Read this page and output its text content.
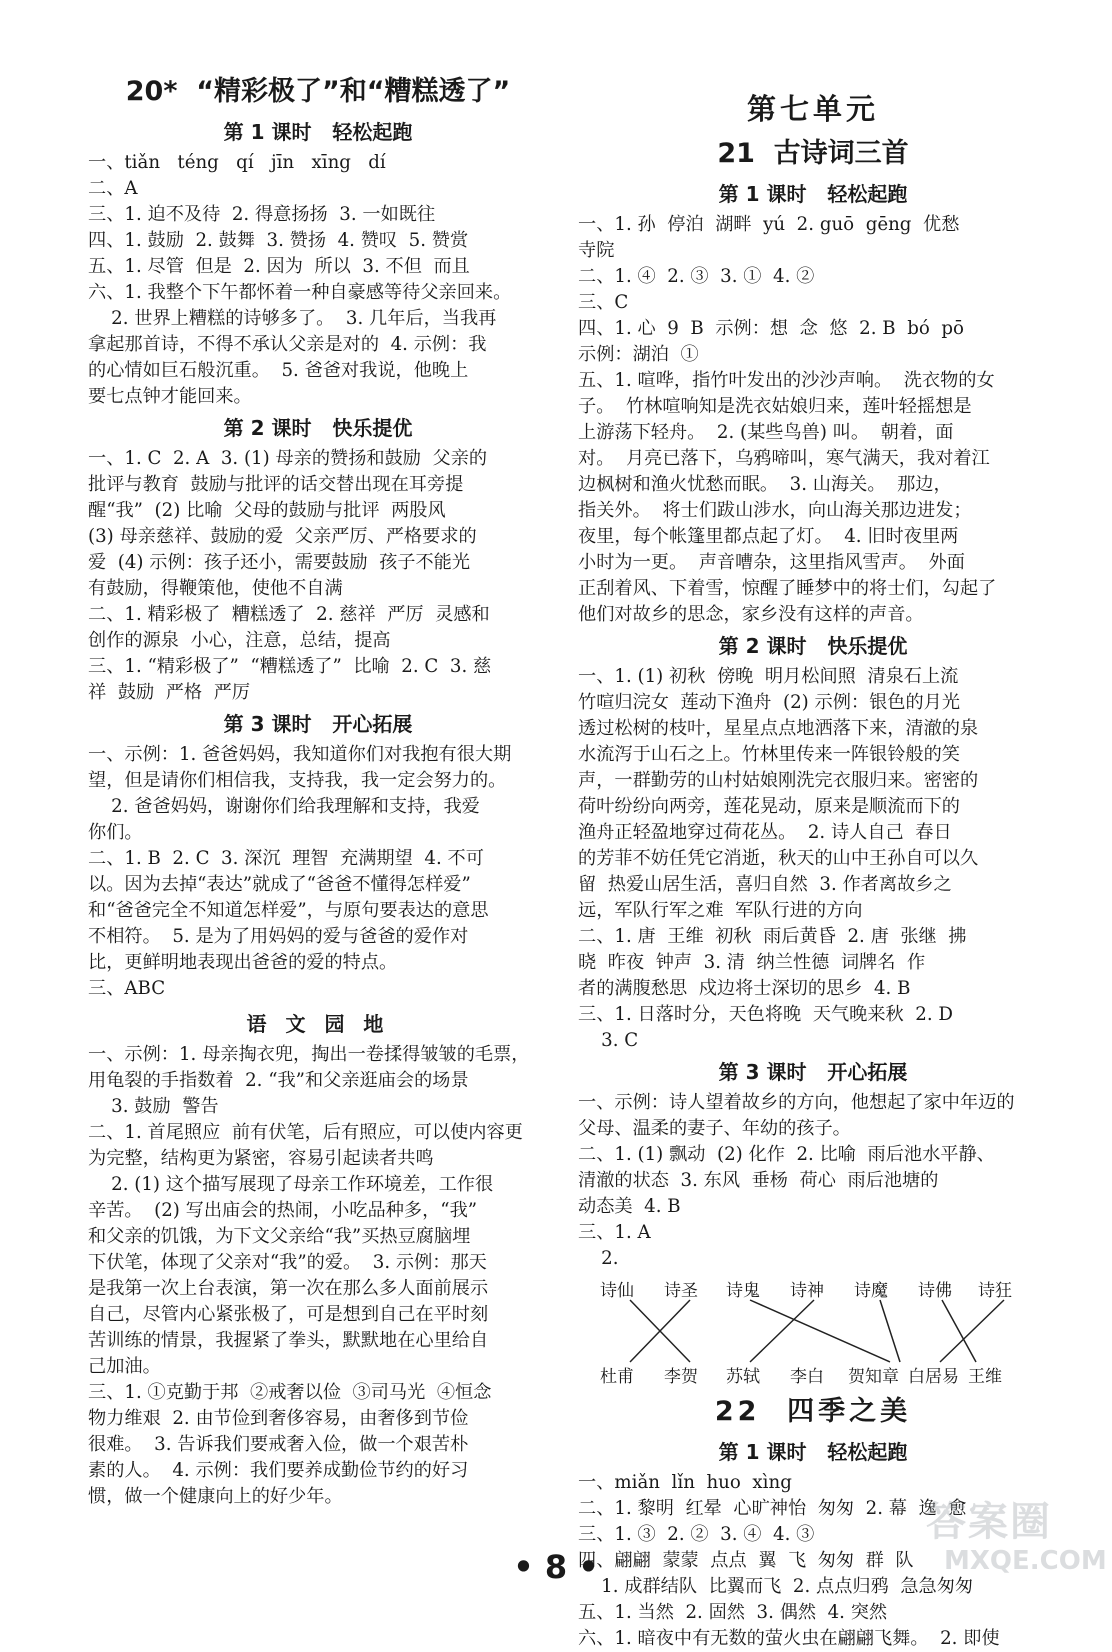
20*  “精彩极了”和“糟糕透了”
第 1 课时   轻松起跑
一、tiǎn   téng   qí   jīn   xīng   dí
二、A
三、1. 迫不及待  2. 得意扬扬  3. 一如既往
四、1. 鼓励  2. 鼓舞  3. 赞扬  4. 赞叹  5. 赞赏
五、1. 尽管  但是  2. 因为  所以  3. 不但  而且
六、1. 我整个下午都怀着一种自豪感等待父亲回来。
2. 世界上糟糕的诗够多了。  3. 几年后，当我再
拿起那首诗，不得不承认父亲是对的  4. 示例：我
的心情如巨石般沉重。  5. 爸爸对我说，他晚上
要七点钟才能回来。
第 2 课时   快乐提优
一、1. C  2. A  3. (1) 母亲的赞扬和鼓励  父亲的
批评与教育  鼓励与批评的话交替出现在耳旁提
醒“我”  (2) 比喻  父母的鼓励与批评  两股风
(3) 母亲慈祥、鼓励的爱  父亲严厉、严格要求的
爱  (4) 示例：孩子还小，需要鼓励  孩子不能光
有鼓励，得鞭策他，使他不自满
二、1. 精彩极了  糟糕透了  2. 慈祥  严厉  灵感和
创作的源泉  小心，注意，总结，提高
三、1. “精彩极了”  “糟糕透了”  比喻  2. C  3. 慈
祥  鼓励  严格  严厉
第 3 课时   开心拓展
一、示例：1. 爸爸妈妈，我知道你们对我抱有很大期
望，但是请你们相信我，支持我，我一定会努力的。
2. 爸爸妈妈，谢谢你们给我理解和支持，我爱
你们。
二、1. B  2. C  3. 深沉  理智  充满期望  4. 不可
以。因为去掉“表达”就成了“爸爸不懂得怎样爱”
和“爸爸完全不知道怎样爱”，与原句要表达的意思
不相符。  5. 是为了用妈妈的爱与爸爸的爱作对
比，更鲜明地表现出爸爸的爱的特点。
三、ABC
语 文 园 地
一、示例：1. 母亲掏衣兜，掏出一卷揉得皱皱的毛票，
用龟裂的手指数着  2. “我”和父亲逛庙会的场景
3. 鼓励  警告
二、1. 首尾照应  前有伏笔，后有照应，可以使内容更
为完整，结构更为紧密，容易引起读者共鸣
2. (1) 这个描写展现了母亲工作环境差，工作很
辛苦。  (2) 写出庙会的热闹，小吃品种多，“我”
和父亲的饥饿，为下文父亲给“我”买热豆腐脑埋
下伏笔，体现了父亲对“我”的爱。  3. 示例：那天
是我第一次上台表演，第一次在那么多人面前展示
自己，尽管内心紧张极了，可是想到自己在平时刻
苦训练的情景，我握紧了拳头，默默地在心里给自
己加油。
三、1. ①克勤于邦  ②戒奢以俭  ③司马光  ④恒念
物力维艰  2. 由节俭到奢侈容易，由奢侈到节俭
很难。  3. 告诉我们要戒奢入俭，做一个艰苦朴
素的人。  4. 示例：我们要养成勤俭节约的好习
惯，做一个健康向上的好少年。
第七单元
21  古诗词三首
第 1 课时   轻松起跑
一、1. 孙  停泊  湖畔  yú  2. guō  gēng  优愁
寺院
二、1. ④  2. ③  3. ①  4. ②
三、C
四、1. 心  9  B  示例：想  念  悠  2. B  bó  pō
示例：湖泊  ①
五、1. 喧哗，指竹叶发出的沙沙声响。  洗衣物的女
子。  竹林喧响知是洗衣姑娘归来，莲叶轻摇想是
上游荡下轻舟。  2. (某些鸟兽) 叫。  朝着，面
对。  月亮已落下，乌鸦啼叫，寒气满天，我对着江
边枫树和渔火忧愁而眠。  3. 山海关。  那边，
指关外。  将士们跋山涉水，向山海关那边进发；
夜里，每个帐篷里都点起了灯。  4. 旧时夜里两
小时为一更。  声音嘈杂，这里指风雪声。  外面
正刮着风、下着雪，惊醒了睡梦中的将士们，勾起了
他们对故乡的思念，家乡没有这样的声音。
第 2 课时   快乐提优
一、1. (1) 初秋  傍晚  明月松间照  清泉石上流
竹喧归浣女  莲动下渔舟  (2) 示例：银色的月光
透过松树的枝叶，星星点点地洒落下来，清澈的泉
水流泻于山石之上。竹林里传来一阵银铃般的笑
声，一群勤劳的山村姑娘刚洗完衣服归来。密密的
荷叶纷纷向两旁，莲花晃动，原来是顺流而下的
渔舟正轻盈地穿过荷花丛。  2. 诗人自己  春日
的芳菲不妨任凭它消逝，秋天的山中王孙自可以久
留  热爱山居生活，喜归自然  3. 作者离故乡之
远，军队行军之难  军队行进的方向
二、1. 唐  王维  初秋  雨后黄昏  2. 唐  张继  拂
晓  昨夜  钟声  3. 清  纳兰性德  词牌名  作
者的满腹愁思  戍边将士深切的思乡  4. B
三、1. 日落时分，天色将晚  天气晚来秋  2. D
3. C
第 3 课时   开心拓展
一、示例：诗人望着故乡的方向，他想起了家中年迈的
父母、温柔的妻子、年幼的孩子。
二、1. (1) 飘动  (2) 化作  2. 比喻  雨后池水平静、
清澈的状态  3. 东风  垂杨  荷心  雨后池塘的
动态美  4. B
三、1. A
2.
诗仙 诗圣 诗鬼 诗神 诗魔 诗佛 诗狂
杜甫 李贺 苏轼 李白 贺知章 白居易 王维
22  四季之美
第 1 课时   轻松起跑
一、miǎn  lǐn  huo  xìng
二、1. 黎明  红晕  心旷神怡  匆匆  2. 幕  逸  愈
三、1. ③  2. ②  3. ④  4. ③
四、翩翩  蒙蒙  点点  翼  飞  匆匆  群  队
1. 成群结队  比翼而飞  2. 点点归鸦  急急匆匆
五、1. 当然  2. 固然  3. 偶然  4. 突然
六、1. 暗夜中有无数的萤火虫在翩翩飞舞。  2. 即使
• 8 •
答案圈
MXQE.COM
